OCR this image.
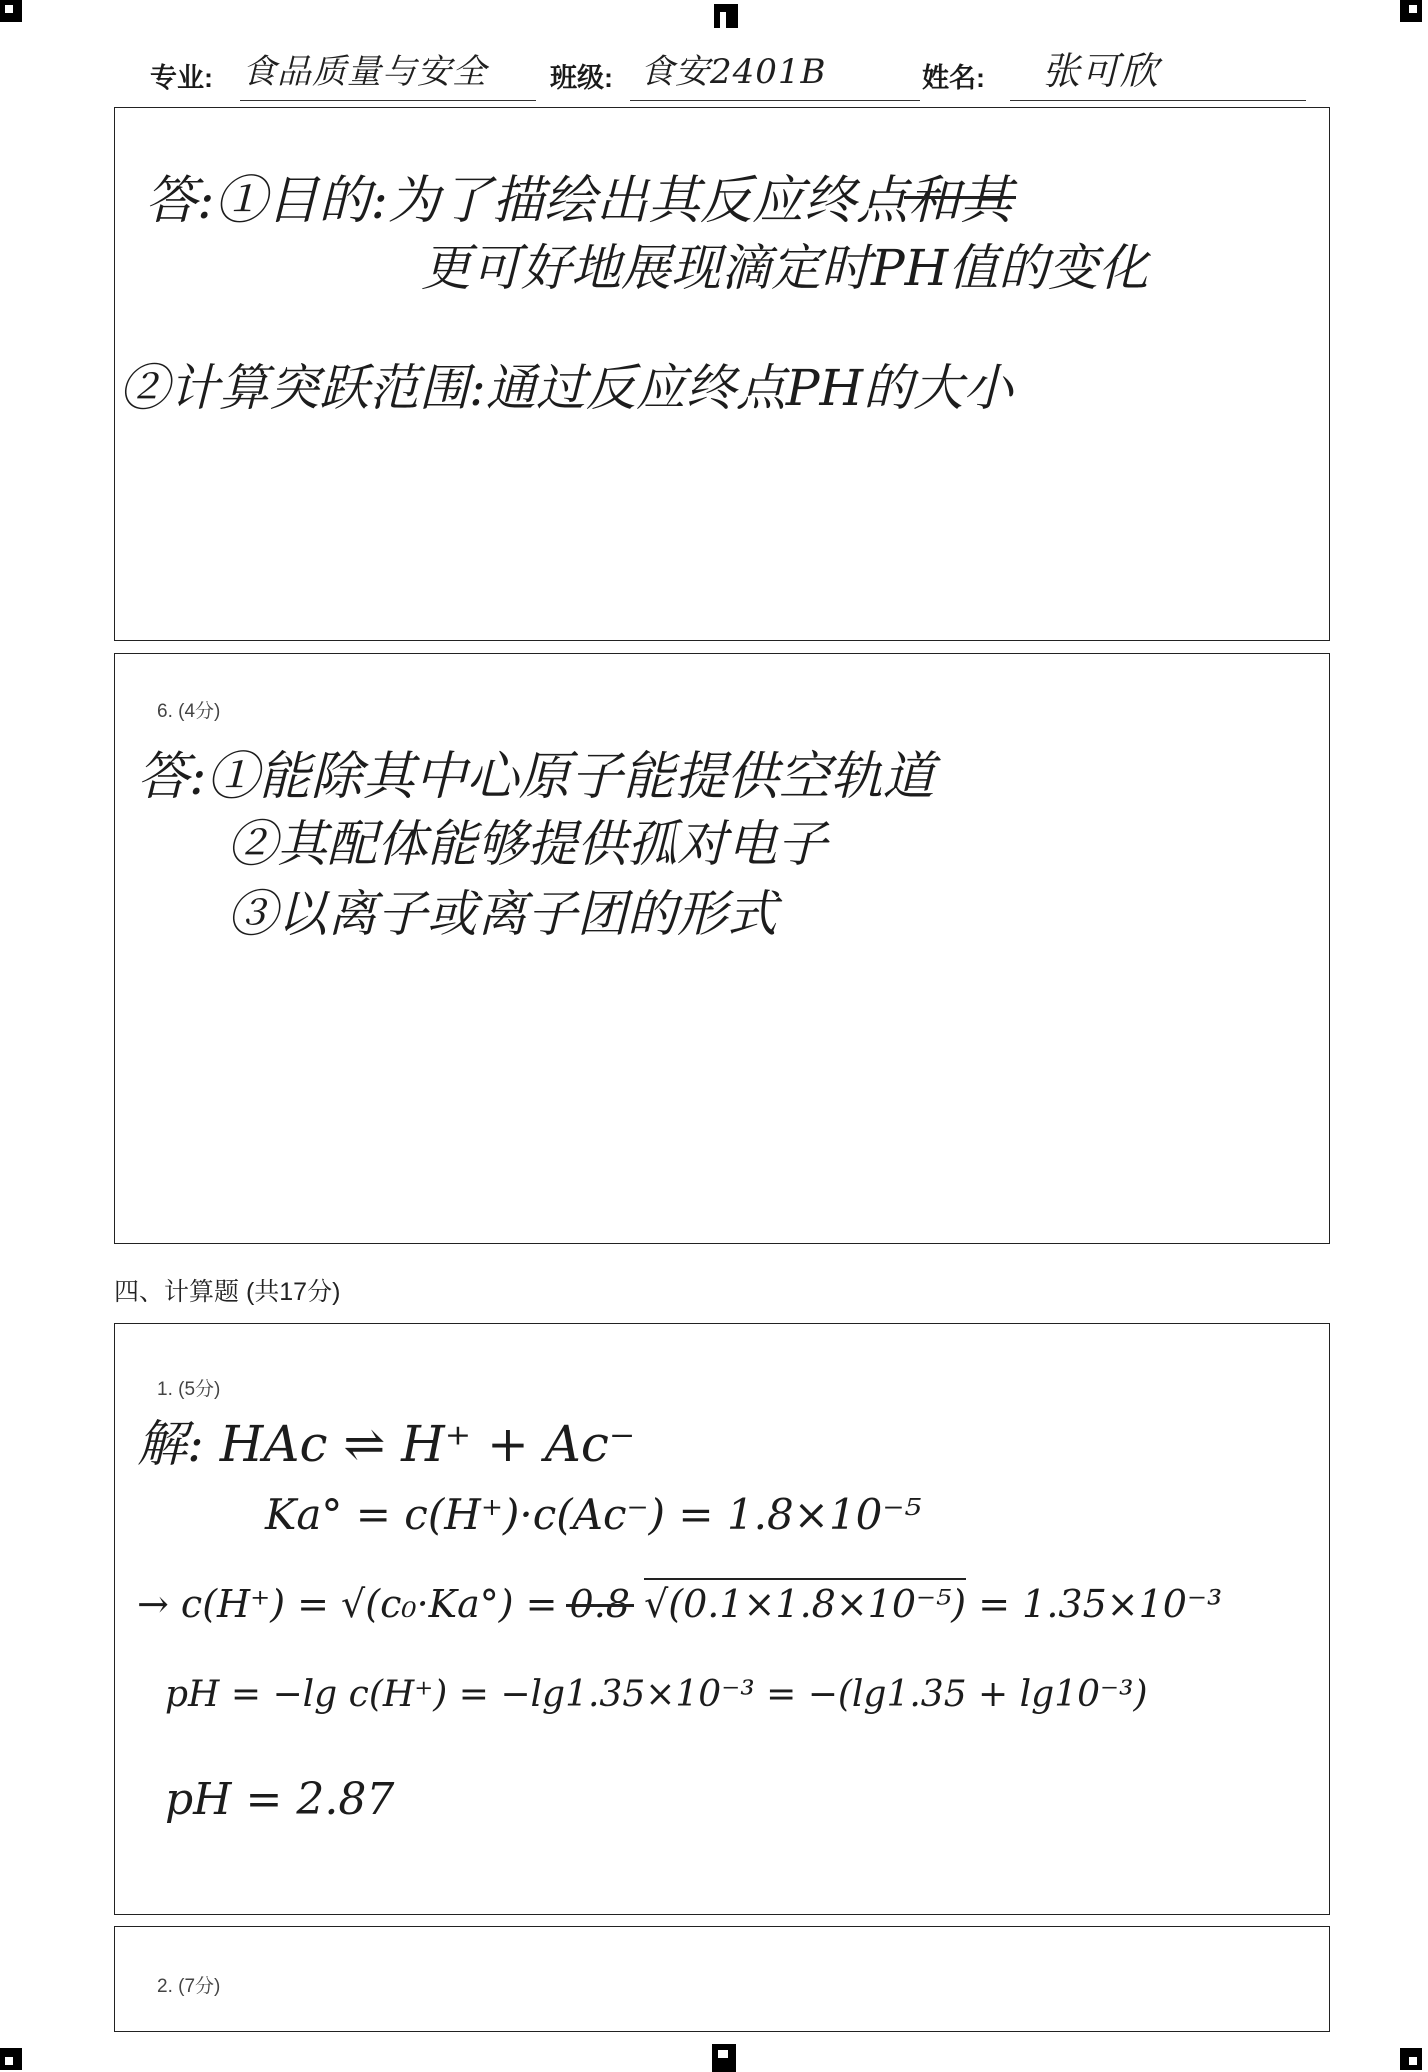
专业: 食品质量与安全 班级: 食安2401B	姓名: 张可欣
答:①目的:为了描绘出其反应终点和其
更可好地展现滴定时PH值的变化
②计算突跃范围:通过反应终点PH的大小
6. (4分)
答:①能除其中心原子能提供空轨道
②其配体能够提供孤对电子
③以离子或离子团的形式
四、计算题 (共17分)
1. (5分)
解: HAc ⇌ H⁺ + Ac⁻
Ka° = c(H⁺)·c(Ac⁻) = 1.8×10⁻⁵
→ c(H⁺) = √(c₀·Ka°) = 0.8 √(0.1×1.8×10⁻⁵) = 1.35×10⁻³
pH = −lg c(H⁺) = −lg1.35×10⁻³ = −(lg1.35 + lg10⁻³)
pH = 2.87
2. (7分)
